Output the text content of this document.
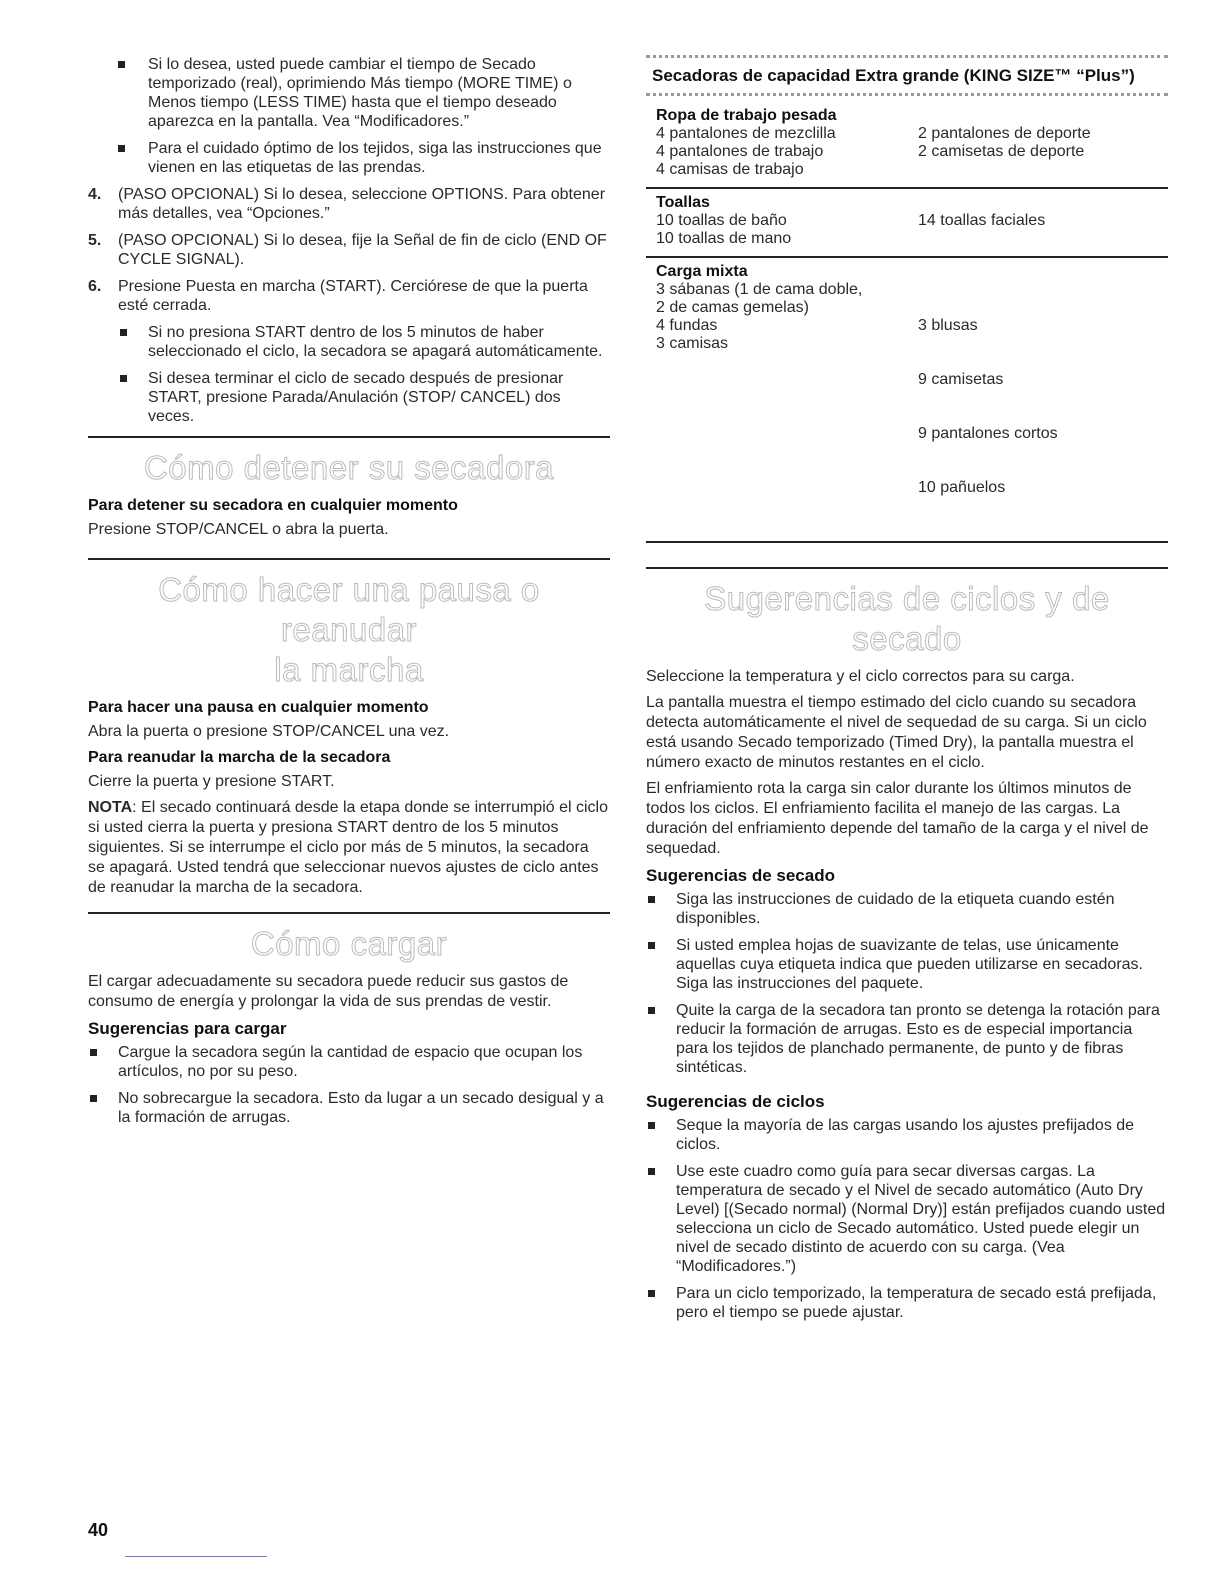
Si lo desea, usted puede cambiar el tiempo de Secado temporizado (real), oprimiendo Más tiempo (MORE TIME) o Menos tiempo (LESS TIME) hasta que el tiempo deseado aparezca en la pantalla. Vea “Modificadores.”
Para el cuidado óptimo de los tejidos, siga las instrucciones que vienen en las etiquetas de las prendas.
4. (PASO OPCIONAL) Si lo desea, seleccione OPTIONS. Para obtener más detalles, vea “Opciones.”
5. (PASO OPCIONAL) Si lo desea, fije la Señal de fin de ciclo (END OF CYCLE SIGNAL).
6. Presione Puesta en marcha (START). Cerciórese de que la puerta esté cerrada.
Si no presiona START dentro de los 5 minutos de haber seleccionado el ciclo, la secadora se apagará automáticamente.
Si desea terminar el ciclo de secado después de presionar START, presione Parada/Anulación (STOP/ CANCEL) dos veces.
Cómo detener su secadora

Para detener su secadora en cualquier momento

Presione STOP/CANCEL o abra la puerta.

Cómo hacer una pausa o reanudar
la marcha

Para hacer una pausa en cualquier momento

Abra la puerta o presione STOP/CANCEL una vez.

Para reanudar la marcha de la secadora

Cierre la puerta y presione START.

NOTA: El secado continuará desde la etapa donde se interrumpió el ciclo si usted cierra la puerta y presiona START dentro de los 5 minutos siguientes. Si se interrumpe el ciclo por más de 5 minutos, la secadora se apagará. Usted tendrá que seleccionar nuevos ajustes de ciclo antes de reanudar la marcha de la secadora.

Cómo cargar

El cargar adecuadamente su secadora puede reducir sus gastos de consumo de energía y prolongar la vida de sus prendas de vestir.

Sugerencias para cargar

Cargue la secadora según la cantidad de espacio que ocupan los artículos, no por su peso.
No sobrecargue la secadora. Esto da lugar a un secado desigual y a la formación de arrugas.
Secadoras de capacidad Extra grande (KING SIZE™ “Plus”)
Ropa de trabajo pesada
4 pantalones de mezclilla
4 pantalones de trabajo
4 camisas de trabajo
2 pantalones de deporte
2 camisetas de deporte
Toallas
10 toallas de baño
10 toallas de mano
14 toallas faciales
Carga mixta
3 sábanas (1 de cama doble,
2 de camas gemelas)
4 fundas
3 camisas

3 blusas

9 camisetas

9 pantalones cortos

10 pañuelos

Sugerencias de ciclos y de secado

Seleccione la temperatura y el ciclo correctos para su carga.

La pantalla muestra el tiempo estimado del ciclo cuando su secadora detecta automáticamente el nivel de sequedad de su carga. Si un ciclo está usando Secado temporizado (Timed Dry), la pantalla muestra el número exacto de minutos restantes en el ciclo.

El enfriamiento rota la carga sin calor durante los últimos minutos de todos los ciclos. El enfriamiento facilita el manejo de las cargas. La duración del enfriamiento depende del tamaño de la carga y el nivel de sequedad.

Sugerencias de secado

Siga las instrucciones de cuidado de la etiqueta cuando estén disponibles.
Si usted emplea hojas de suavizante de telas, use únicamente aquellas cuya etiqueta indica que pueden utilizarse en secadoras. Siga las instrucciones del paquete.
Quite la carga de la secadora tan pronto se detenga la rotación para reducir la formación de arrugas. Esto es de especial importancia para los tejidos de planchado permanente, de punto y de fibras sintéticas.

Sugerencias de ciclos

Seque la mayoría de las cargas usando los ajustes prefijados de ciclos.
Use este cuadro como guía para secar diversas cargas. La temperatura de secado y el Nivel de secado automático (Auto Dry Level) [(Secado normal) (Normal Dry)] están prefijados cuando usted selecciona un ciclo de Secado automático. Usted puede elegir un nivel de secado distinto de acuerdo con su carga. (Vea “Modificadores.”)
Para un ciclo temporizado, la temperatura de secado está prefijada, pero el tiempo se puede ajustar.
40
